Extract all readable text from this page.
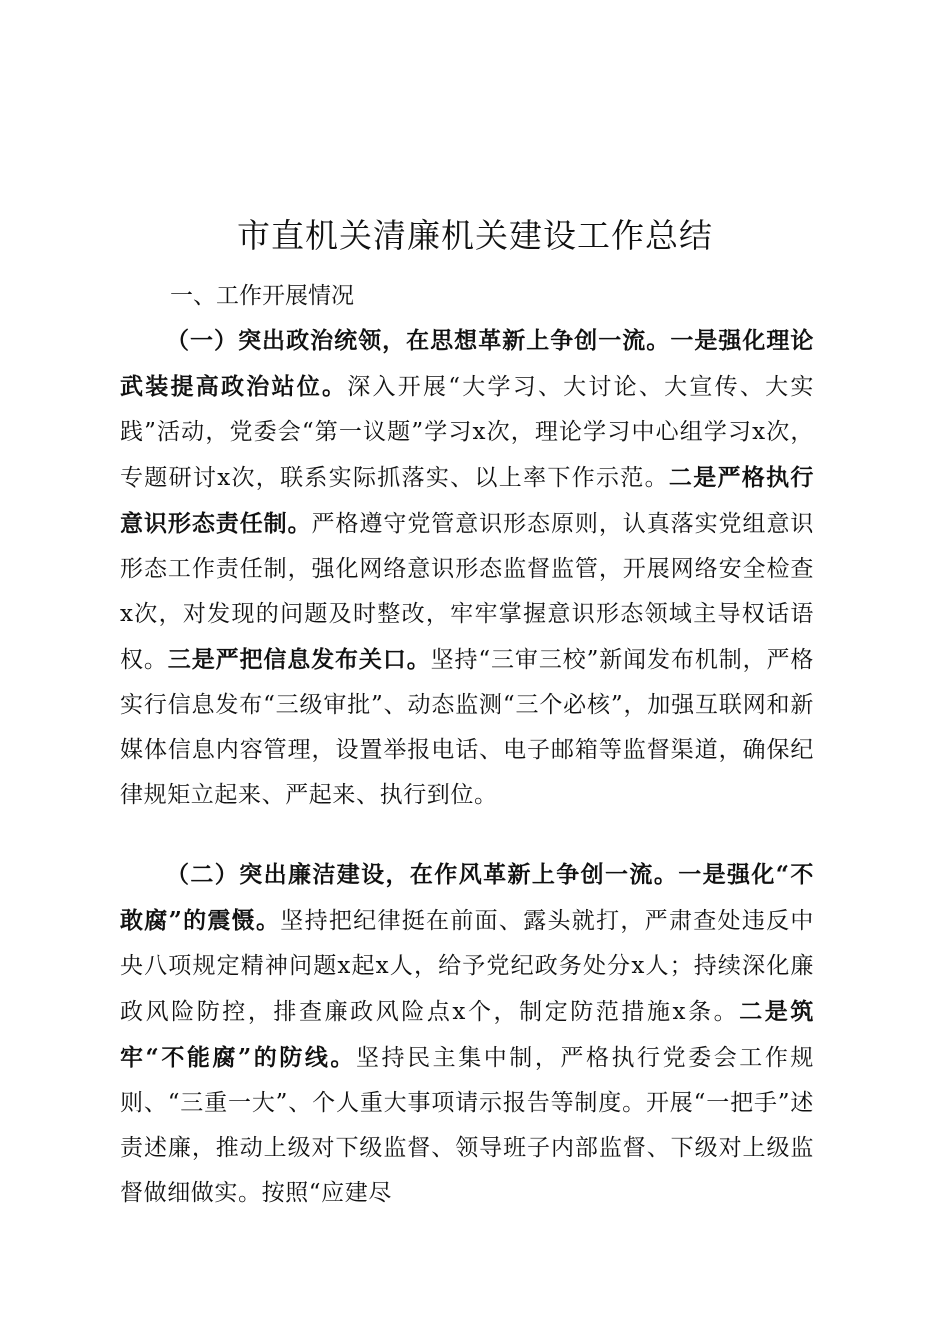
市直机关清廉机关建设工作总结
一、工作开展情况

（一）突出政治统领，在思想革新上争创一流。一是强化理论武装提高政治站位。深入开展“大学习、大讨论、大宣传、大实践”活动，党委会“第一议题”学习x次，理论学习中心组学习x次，专题研讨x次，联系实际抓落实、以上率下作示范。二是严格执行意识形态责任制。严格遵守党管意识形态原则，认真落实党组意识形态工作责任制，强化网络意识形态监督监管，开展网络安全检查x次，对发现的问题及时整改，牢牢掌握意识形态领域主导权话语权。三是严把信息发布关口。坚持“三审三校”新闻发布机制，严格实行信息发布“三级审批”、动态监测“三个必核”，加强互联网和新媒体信息内容管理，设置举报电话、电子邮箱等监督渠道，确保纪律规矩立起来、严起来、执行到位。

（二）突出廉洁建设，在作风革新上争创一流。一是强化“不敢腐”的震慑。坚持把纪律挺在前面、露头就打，严肃查处违反中央八项规定精神问题x起x人，给予党纪政务处分x人；持续深化廉政风险防控，排查廉政风险点x个，制定防范措施x条。二是筑牢“不能腐”的防线。坚持民主集中制，严格执行党委会工作规则、“三重一大”、个人重大事项请示报告等制度。开展“一把手”述责述廉，推动上级对下级监督、领导班子内部监督、下级对上级监督做细做实。按照“应建尽
